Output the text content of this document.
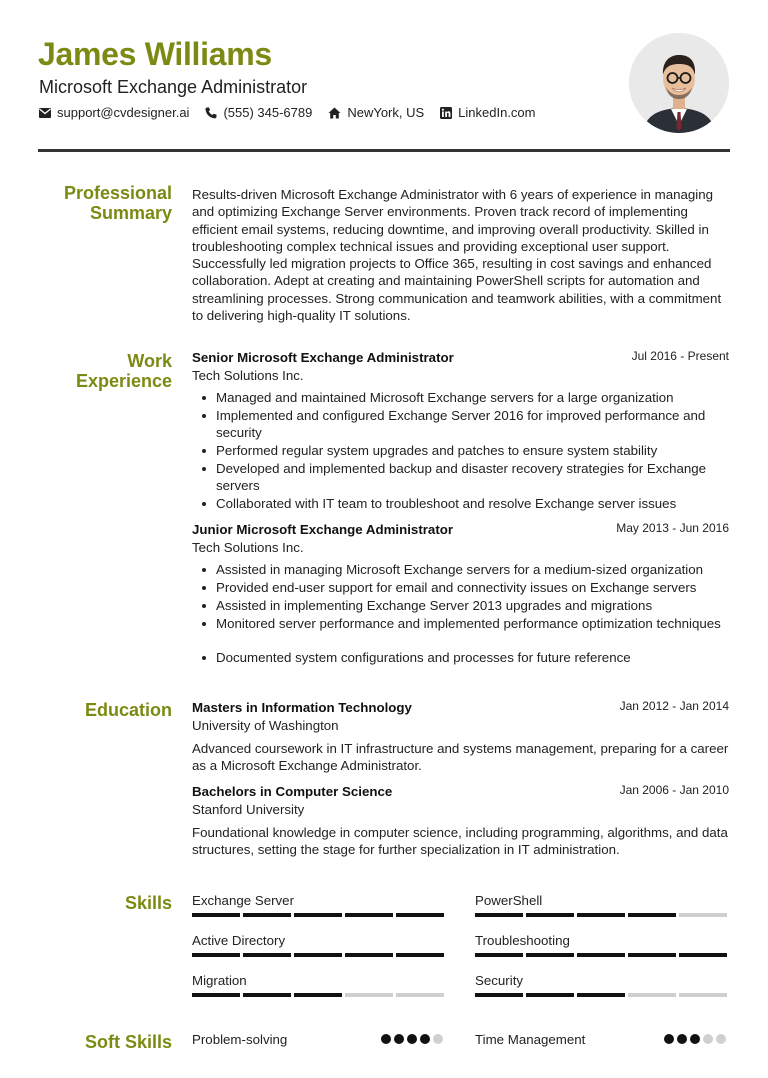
James Williams
Microsoft Exchange Administrator
support@cvdesigner.ai	(555) 345-6789	NewYork, US	LinkedIn.com
Professional
Summary
Results-driven Microsoft Exchange Administrator with 6 years of experience in managing and optimizing Exchange Server environments. Proven track record of implementing efficient email systems, reducing downtime, and improving overall productivity. Skilled in troubleshooting complex technical issues and providing exceptional user support. Successfully led migration projects to Office 365, resulting in cost savings and enhanced collaboration. Adept at creating and maintaining PowerShell scripts for automation and streamlining processes. Strong communication and teamwork abilities, with a commitment to delivering high-quality IT solutions.
Work
Experience
Senior Microsoft Exchange Administrator	Jul 2016 - Present
Tech Solutions Inc.
Managed and maintained Microsoft Exchange servers for a large organization
Implemented and configured Exchange Server 2016 for improved performance and security
Performed regular system upgrades and patches to ensure system stability
Developed and implemented backup and disaster recovery strategies for Exchange servers
Collaborated with IT team to troubleshoot and resolve Exchange server issues
Junior Microsoft Exchange Administrator	May 2013 - Jun 2016
Tech Solutions Inc.
Assisted in managing Microsoft Exchange servers for a medium-sized organization
Provided end-user support for email and connectivity issues on Exchange servers
Assisted in implementing Exchange Server 2013 upgrades and migrations
Monitored server performance and implemented performance optimization techniques
Documented system configurations and processes for future reference
Education Masters in Information Technology	Jan 2012 - Jan 2014
University of Washington
Advanced coursework in IT infrastructure and systems management, preparing for a career as a Microsoft Exchange Administrator.
Bachelors in Computer Science	Jan 2006 - Jan 2010
Stanford University
Foundational knowledge in computer science, including programming, algorithms, and data structures, setting the stage for further specialization in IT administration.
Skills Exchange Server	PowerShell
Active Directory	Troubleshooting
Migration	Security
Soft Skills Problem-solving	Time Management
